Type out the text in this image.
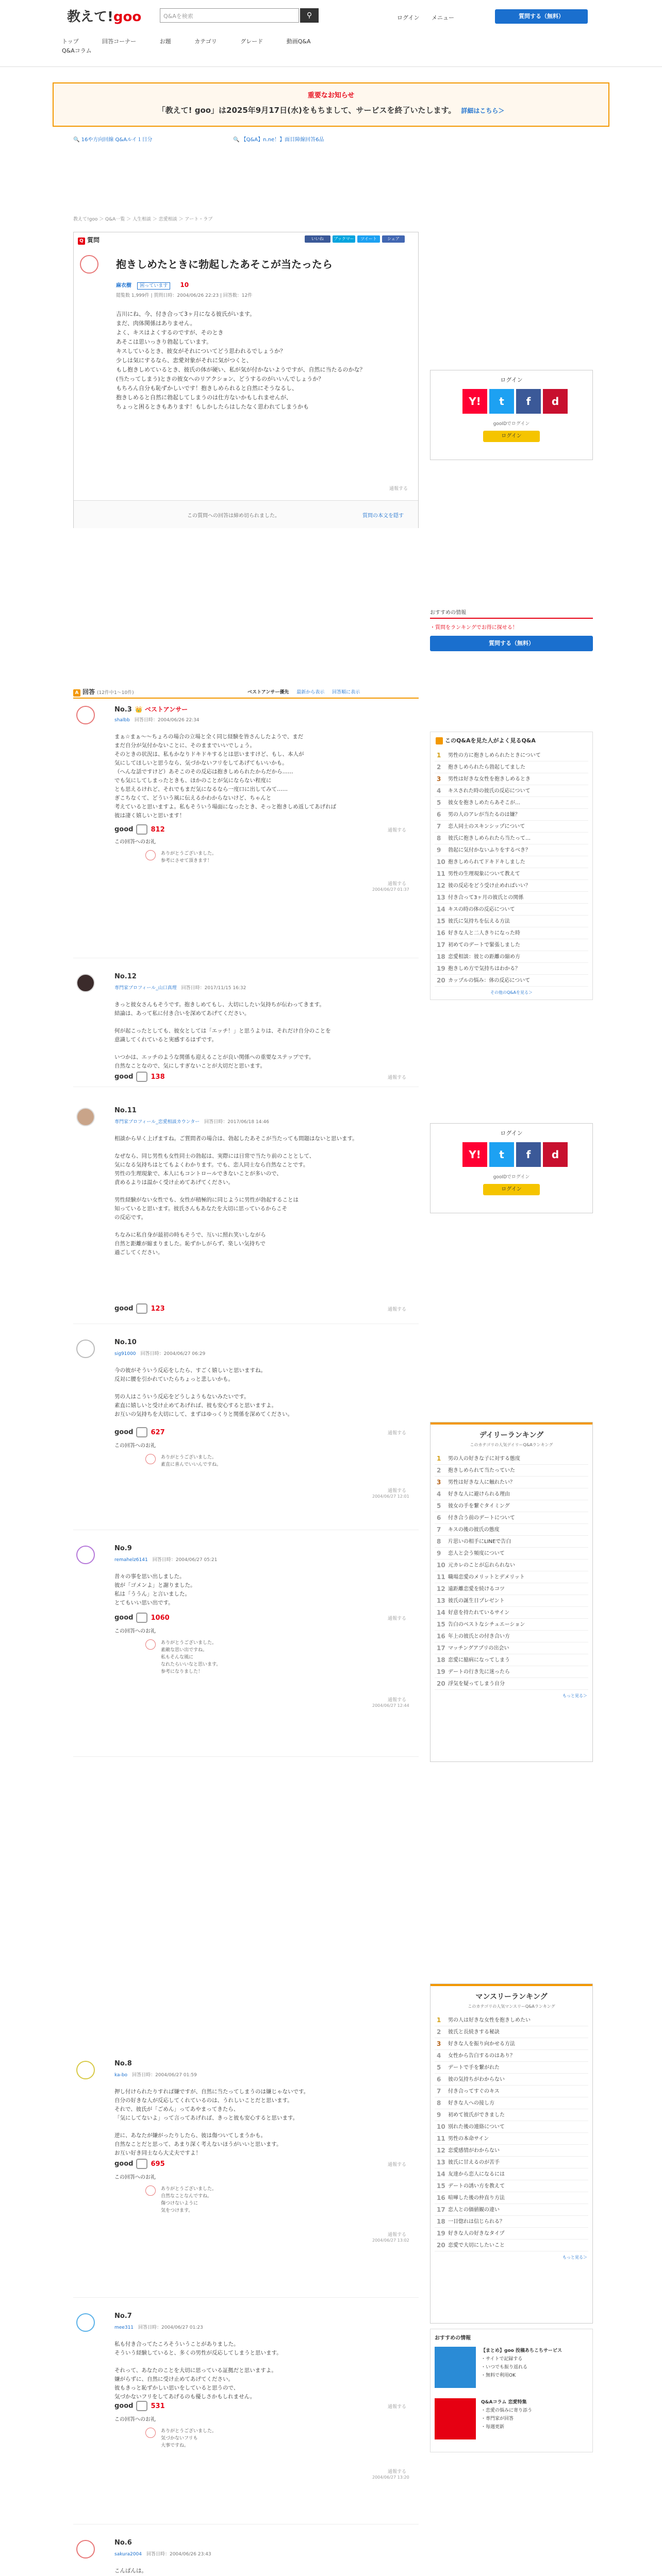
教えて!goo	Q&Aを検索	⚲	ログイン メニュー	質問する（無料）
トップ	回答コーナー	お題	カテゴリ	グレード	動画Q&A
Q&Aコラム
重要なお知らせ
「教えて! goo」は2025年9月17日(水)をもちまして、サービスを終了いたします。 詳細はこちら＞
🔍 16や方向回線 Q&Aルイ１日分	🔍 【Q&A】n.ne！】面目障線回答6品
教えて!goo ＞ Q&A一覧 ＞ 人生相談 ＞ 恋愛相談 ＞ アート・ラブ
Q 質問	いいね	ブックマーク
ツイート	シェア
抱きしめたときに勃起したあそこが当たったら
麻衣樹 困っています 10
閲覧数 1,999件 | 質問日時：2004/06/26 22:23 | 回答数：12件
吉川にね、今、付き合って3ヶ月になる彼氏がいます。
まだ、肉体関係はありません。
よく、キスはよくするのですが、そのとき
あそこは思いっきり勃起しています。
キスしているとき、彼女がそれについてどう思われるでしょうか？
少しは気にするなら、恋愛対象がそれに気がつくと、
もし抱きしめているとき、彼氏の体が硬い、私が気が付かないようですが、自然に当たるのかな？
(当たってしまう)ときの彼女へのリアクション、どうするのがいいんでしょうか？
もちろん自分も恥ずかしいです！抱きしめられると自然にそうなるし、
抱きしめると自然に勃起してしまうのは仕方ないかもしれませんが、
ちょっと困るときもあります！もしかしたらはしたなく思われてしまうかも
通報する
この質問への回答は締め切られました。	質問の本文を隠す
ログイン
Y!	t	f	d
gooIDでログイン
ログイン
おすすめの情報
・質問をランキングでお得に探せる！
質問する（無料）
A 回答 (12件中1〜10件)	ベストアンサー優先 最新から表示 回答順に表示
No.3 👑 ベストアンサー
shalbb　 回答日時：2004/06/26 22:34
まぁ☆まぁ〜〜ちょろの場合の立場と全く同じ経験を皆さんしたようで、まだ
まだ自分が気付かないことに、そのままでいいでしょう。
そのときの状況は、私もかなりドキドキするとは思いますけど、もし、本人が
気にしてほしいと思うなら、気づかないフリをしてあげてもいいかも。
（へんな話ですけど）あそこのその反応は抱きしめられたからだから……
でも気にしてしまったときも、ほかのことが気にならない程度に
とも思えるけれど、それでもまだ気になるなら一度口に出してみて……
ぎこちなくて、どういう風に伝えるかわからないけど、ちゃんと
考えていると思いますよ。私もそういう場面になったとき、そっと抱きしめ返してあげれば
彼は凄く嬉しいと思います！
good	812	通報する
この回答へのお礼
ありがとうございました。
参考にさせて頂きます！
通報する
2004/06/27 01:37
No.12
専門家プロフィール_山口真理　 回答日時：2017/11/15 16:32
きっと彼女さんもそうです。抱きしめてもし、大切にしたい気持ちが伝わってきます。
結論は、あって私に付き合いを深めてあげてください。

何が起こったとしても、彼女としては「エッチ！」と思うよりは、それだけ自分のことを
意識してくれていると実感するはずです。

いつかは、エッチのような関係も迎えることが良い関係への重要なステップです。
自然なことなので、気にしすぎないことが大切だと思います。
good	138	通報する
No.11
専門家プロフィール_恋愛相談カウンター　 回答日時：2017/06/18 14:46
相談から早く上げますね。ご質問者の場合は、勃起したあそこが当たっても問題はないと思います。

なぜなら、同じ男性も女性同士の勃起は、実際には日常で当たり前のこととして、
気になる気持ちはとてもよくわかります。でも、恋人同士なら自然なことです。
男性の生理現象で、本人にもコントロールできないことが多いので、
責めるよりは温かく受け止めてあげてください。

男性経験がない女性でも、女性が積極的に同じように男性が勃起することは
知っていると思います。彼氏さんもあなたを大切に思っているからこそ
の反応です。

ちなみに私自身が最初の時もそうで、互いに照れ笑いしながら
自然と距離が縮まりました。恥ずかしがらず、楽しい気持ちで
過ごしてください。
good	123	通報する
No.10
sig91000　 回答日時：2004/06/27 06:29
今の彼がそういう反応をしたら、すごく嬉しいと思いますね。
反対に腰を引かれていたらちょっと悲しいかも。

男の人はこういう反応をどうしようもないみたいです。
素直に嬉しいと受け止めてあげれば、彼も安心すると思いますよ。
お互いの気持ちを大切にして、まずはゆっくりと関係を深めてください。
good	627	通報する
この回答へのお礼
ありがとうございました。
素直に喜んでいいんですね。
通報する
2004/06/27 12:01
No.9
remahelz6141　 回答日時：2004/06/27 05:21
昔々の事を思い出しました。
彼が「ゴメンよ」と謝りました。
私は「ううん」と言いました。
とてもいい思い出です。
good	1060	通報する
この回答へのお礼
ありがとうございました。
素敵な思い出ですね。
私もそんな風に
なれたらいいなと思います。
参考になりました！
通報する
2004/06/27 12:44
No.8
ka-bo　 回答日時：2004/06/27 01:59
押し付けられたりすれば嫌ですが、自然に当たってしまうのは嫌じゃないです。
自分の好きな人が反応してくれているのは、うれしいことだと思います。
それで、彼氏が「ごめん」ってあやまってきたら、
「気にしてないよ」って言ってあげれば、きっと彼も安心すると思います。

逆に、あなたが嫌がったりしたら、彼は傷ついてしまうかも。
自然なことだと思って、あまり深く考えないほうがいいと思います。
お互い好き同士なら大丈夫ですよ！
good	695	通報する
この回答へのお礼
ありがとうございました。
自然なことなんですね。
傷つけないように
気をつけます。
通報する
2004/06/27 13:02
No.7
mee311　 回答日時：2004/06/27 01:23
私も付き合ってたころそういうことがありました。
そういう経験していると、多くの男性が反応してしまうと思います。

それって、あなたのことを大切に思っている証拠だと思いますよ。
嫌がらずに、自然に受け止めてあげてください。
彼もきっと恥ずかしい思いをしていると思うので、
気づかないフリをしてあげるのも優しさかもしれません。
good	531	通報する
この回答へのお礼
ありがとうございました。
気づかないフリも
大事ですね。
通報する
2004/06/27 13:20
No.6
sakura2004　 回答日時：2004/06/26 23:43
こんばんは。

このQ&Aを見た人がよく見るQ&A
1 男性の方に抱きしめられたときについて
2 抱きしめられたら勃起してました
3 男性は好きな女性を抱きしめるとき
4 キスされた時の彼氏の反応について
5 彼女を抱きしめたらあそこが…
6 男の人のアレが当たるのは嫌？
7 恋人同士のスキンシップについて
8 彼氏に抱きしめられたら当たって…
9 勃起に気付かないふりをするべき？
10 抱きしめられてドキドキしました
11 男性の生理現象について教えて
12 彼の反応をどう受け止めればいい？
13 付き合って3ヶ月の彼氏との関係
14 キスの時の体の反応について
15 彼氏に気持ちを伝える方法
16 好きな人と二人きりになった時
17 初めてのデートで緊張しました
18 恋愛相談：彼との距離の縮め方
19 抱きしめ方で気持ちはわかる？
20 カップルの悩み：体の反応について
その他のQ&Aを見る＞
ログイン
Y!	t	f	d
gooIDでログイン
ログイン
デイリーランキング
このカテゴリの人気デイリーQ&Aランキング
1 男の人の好きな子に対する態度
2 抱きしめられて当たっていた
3 男性は好きな人に触れたい？
4 好きな人に避けられる理由
5 彼女の手を繋ぐタイミング
6 付き合う前のデートについて
7 キスの後の彼氏の態度
8 片思いの相手にLINEで告白
9 恋人と会う頻度について
10 元カレのことが忘れられない
11 職場恋愛のメリットとデメリット
12 遠距離恋愛を続けるコツ
13 彼氏の誕生日プレゼント
14 好意を持たれているサイン
15 告白のベストなシチュエーション
16 年上の彼氏との付き合い方
17 マッチングアプリの出会い
18 恋愛に臆病になってしまう
19 デートの行き先に迷ったら
20 浮気を疑ってしまう自分
もっと見る＞
マンスリーランキング
このカテゴリの人気マンスリーQ&Aランキング
1 男の人は好きな女性を抱きしめたい
2 彼氏と長続きする秘訣
3 好きな人を振り向かせる方法
4 女性から告白するのはあり？
5 デートで手を繋がれた
6 彼の気持ちがわからない
7 付き合ってすぐのキス
8 好きな人への接し方
9 初めて彼氏ができました
10 別れた後の連絡について
11 男性の本命サイン
12 恋愛感情がわからない
13 彼氏に甘えるのが苦手
14 友達から恋人になるには
15 デートの誘い方を教えて
16 喧嘩した後の仲直り方法
17 恋人との価値観の違い
18 一目惚れは信じられる？
19 好きな人の好きなタイプ
20 恋愛で大切にしたいこと
もっと見る＞
おすすめの情報
【まとめ】goo 投稿あちこちサービス
・サイトで記録する
・いつでも振り返れる
・無料で利用OK
Q&Aコラム 恋愛特集
・恋愛の悩みに寄り添う
・専門家が回答
・毎週更新
